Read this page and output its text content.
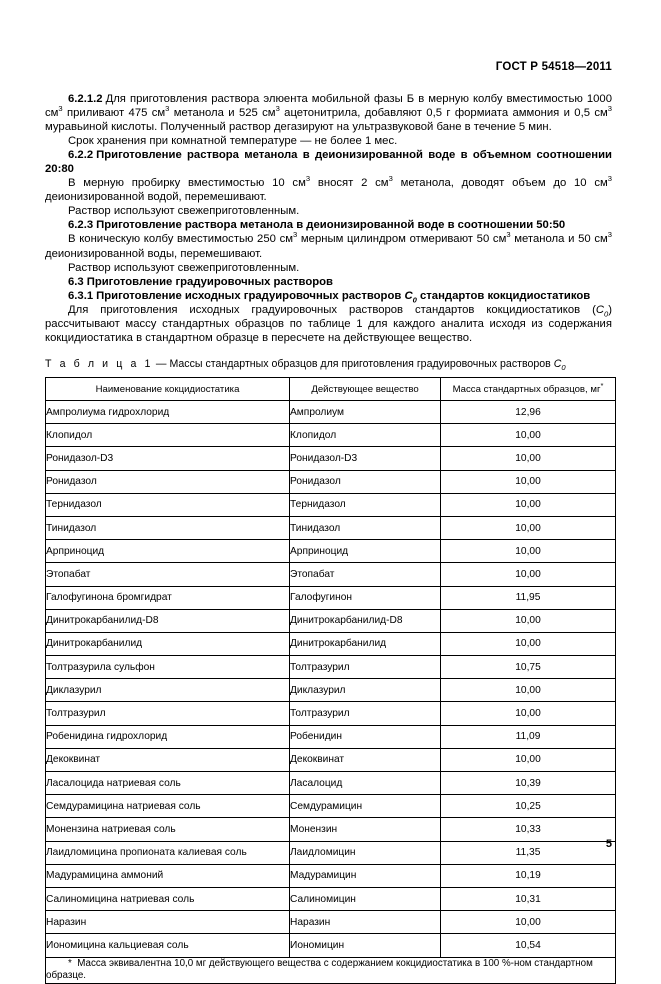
ГОСТ Р 54518—2011

6.2.1.2 Для приготовления раствора элюента мобильной фазы Б в мерную колбу вместимостью 1000 $см^3$ приливают 475 $см^3$ метанола и 525 $см^3$ ацетонитрила, добавляют 0,5 г формиата аммония и 0,5 $см^3$ муравьиной кислоты. Полученный раствор дегазируют на ультразвуковой бане в течение 5 мин.

Срок хранения при комнатной температуре — не более 1 мес.

6.2.2 Приготовление раствора метанола в деионизированной воде в объемном соотношении 20:80

В мерную пробирку вместимостью 10 $см^3$ вносят 2 $см^3$ метанола, доводят объем до 10 $см^3$ деионизированной водой, перемешивают.

Раствор используют свежеприготовленным.

6.2.3 Приготовление раствора метанола в деионизированной воде в соотношении 50:50

В коническую колбу вместимостью 250 $см^3$ мерным цилиндром отмеривают 50 $см^3$ метанола и 50 $см^3$ деионизированной воды, перемешивают.

Раствор используют свежеприготовленным.

6.3 Приготовление градуировочных растворов

6.3.1 Приготовление исходных градуировочных растворов $C_0$ стандартов кокцидиостатиков

Для приготовления исходных градуировочных растворов стандартов кокцидиостатиков $(C_0)$ рассчитывают массу стандартных образцов по таблице 1 для каждого аналита исходя из содержания кокцидиостатика в стандартном образце в пересчете на действующее вещество.

Т а б л и ц а 1 — Массы стандартных образцов для приготовления градуировочных растворов $C_0$
Наименование кокцидиостатика	Действующее вещество	Масса стандартных образцов, мг*
Ампролиума гидрохлорид	Ампролиум	12,96
Клопидол	Клопидол	10,00
Ронидазол-D3	Ронидазол-D3	10,00
Ронидазол	Ронидазол	10,00
Тернидазол	Тернидазол	10,00
Тинидазол	Тинидазол	10,00
Арприноцид	Арприноцид	10,00
Этопабат	Этопабат	10,00
Галофугинона бромгидрат	Галофугинон	11,95
Динитрокарбанилид-D8	Динитрокарбанилид-D8	10,00
Динитрокарбанилид	Динитрокарбанилид	10,00
Толтразурила сульфон	Толтразурил	10,75
Диклазурил	Диклазурил	10,00
Толтразурил	Толтразурил	10,00
Робенидина гидрохлорид	Робенидин	11,09
Декоквинат	Декоквинат	10,00
Ласалоцида натриевая соль	Ласалоцид	10,39
Семдурамицина натриевая соль	Семдурамицин	10,25
Монензина натриевая соль	Монензин	10,33
Лаидломицина пропионата калиевая соль	Лаидломицин	11,35
Мадурамицина аммоний	Мадурамицин	10,19
Салиномицина натриевая соль	Салиномицин	10,31
Наразин	Наразин	10,00
Иономицина кальциевая соль	Иономицин	10,54
* Масса эквивалентна 10,0 мг действующего вещества с содержанием кокцидиостатика в 100 %-ном стандартном образце.		
5
